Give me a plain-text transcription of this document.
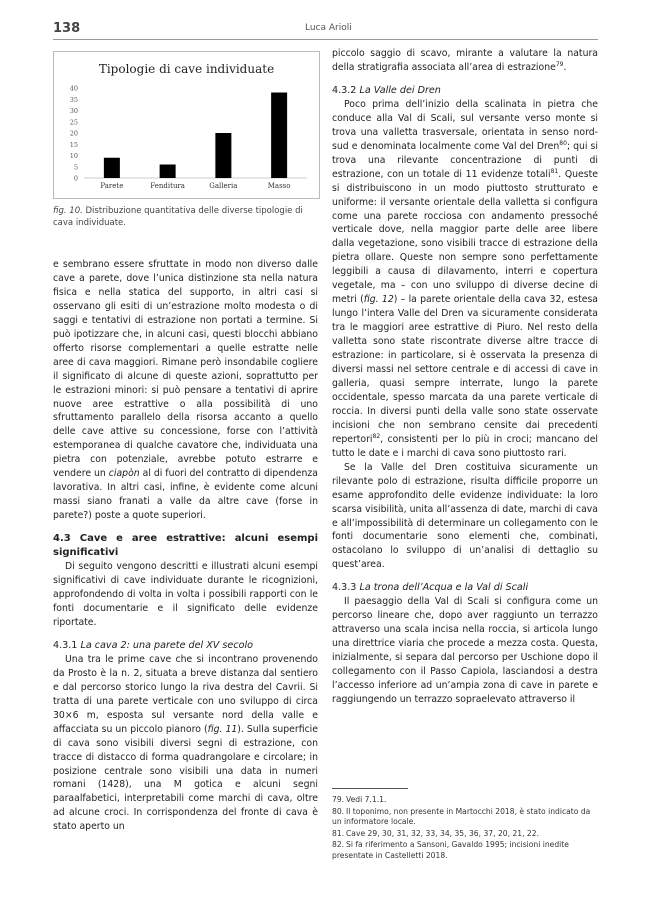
138	Luca Arioli
Tipologie di cave individuate
0
5
10
15
20
25
30
35
40
Parete	Fenditura	Galleria	Masso
fig. 10. Distribuzione quantitativa delle diverse tipologie di cava individuate.

e sembrano essere sfruttate in modo non diverso dalle cave a parete, dove l’unica distinzione sta nella natura fisica e nella statica del supporto, in altri casi si osservano gli esiti di un’estrazione molto modesta o di saggi e tentativi di estrazione non portati a termine. Si può ipotizzare che, in alcuni casi, questi blocchi abbiano offerto risorse complementari a quelle estratte nelle aree di cava maggiori. Rimane però insondabile cogliere il significato di alcune di queste azioni, soprattutto per le estrazioni minori: si può pensare a tentativi di aprire nuove aree estrattive o alla possibilità di uno sfruttamento parallelo della risorsa accanto a quello delle cave attive su concessione, forse con l’attività estemporanea di qualche cavatore che, individuata una pietra con potenziale, avrebbe potuto estrarre e vendere un ciapòn al di fuori del contratto di dipendenza lavorativa. In altri casi, infine, è evidente come alcuni massi siano franati a valle da altre cave (forse in parete?) poste a quote superiori.

4.3 Cave e aree estrattive: alcuni esempi significativi

Di seguito vengono descritti e illustrati alcuni esempi significativi di cave individuate durante le ricognizioni, approfondendo di volta in volta i possibili rapporti con le fonti documentarie e il significato delle evidenze riportate.

4.3.1 La cava 2: una parete del XV secolo

Una tra le prime cave che si incontrano provenendo da Prosto è la n. 2, situata a breve distanza dal sentiero e dal percorso storico lungo la riva destra del Cavrii. Si tratta di una parete verticale con uno sviluppo di circa 30×6 m, esposta sul versante nord della valle e affacciata su un piccolo pianoro (fig. 11). Sulla superficie di cava sono visibili diversi segni di estrazione, con tracce di distacco di forma quadrangolare e circolare; in posizione centrale sono visibili una data in numeri romani (1428), una M gotica e alcuni segni paraalfabetici, interpretabili come marchi di cava, oltre ad alcune croci. In corrispondenza del fronte di cava è stato aperto un

piccolo saggio di scavo, mirante a valutare la natura della stratigrafia associata all’area di estrazione$^{79}$.

4.3.2 La Valle dei Dren

Poco prima dell’inizio della scalinata in pietra che conduce alla Val di Scali, sul versante verso monte si trova una valletta trasversale, orientata in senso nord-sud e denominata localmente come Val del Dren$^{80}$; qui si trova una rilevante concentrazione di punti di estrazione, con un totale di 11 evidenze totali$^{81}$. Queste si distribuiscono in un modo piuttosto strutturato e uniforme: il versante orientale della valletta si configura come una parete rocciosa con andamento pressoché verticale dove, nella maggior parte delle aree libere dalla vegetazione, sono visibili tracce di estrazione della pietra ollare. Queste non sempre sono perfettamente leggibili a causa di dilavamento, interri e copertura vegetale, ma – con uno sviluppo di diverse decine di metri (fig. 12) – la parete orientale della cava 32, estesa lungo l’intera Valle del Dren va sicuramente considerata tra le maggiori aree estrattive di Piuro. Nel resto della valletta sono state riscontrate diverse altre tracce di estrazione: in particolare, si è osservata la presenza di diversi massi nel settore centrale e di accessi di cave in galleria, quasi sempre interrate, lungo la parete occidentale, spesso marcata da una parete verticale di roccia. In diversi punti della valle sono state osservate incisioni che non sembrano censite dai precedenti repertori$^{82}$, consistenti per lo più in croci; mancano del tutto le date e i marchi di cava sono piuttosto rari.

Se la Valle del Dren costituiva sicuramente un rilevante polo di estrazione, risulta difficile proporre un esame approfondito delle evidenze individuate: la loro scarsa visibilità, unita all’assenza di date, marchi di cava e all’impossibilità di determinare un collegamento con le fonti documentarie sono elementi che, combinati, ostacolano lo sviluppo di un’analisi di dettaglio su quest’area.

4.3.3 La trona dell’Acqua e la Val di Scali

Il paesaggio della Val di Scali si configura come un percorso lineare che, dopo aver raggiunto un terrazzo attraverso una scala incisa nella roccia, si articola lungo una direttrice viaria che procede a mezza costa. Questa, inizialmente, si separa dal percorso per Uschione dopo il collegamento con il Passo Capiola, lasciandosi a destra l’accesso inferiore ad un’ampia zona di cave in parete e raggiungendo un terrazzo sopraelevato attraverso il

79. Vedi 7.1.1.
80. Il toponimo, non presente in Martocchi 2018, è stato indicato da un informatore locale.
81. Cave 29, 30, 31, 32, 33, 34, 35, 36, 37, 20, 21, 22.
82. Si fa riferimento a Sansoni, Gavaldo 1995; incisioni inedite presentate in Castelletti 2018.
